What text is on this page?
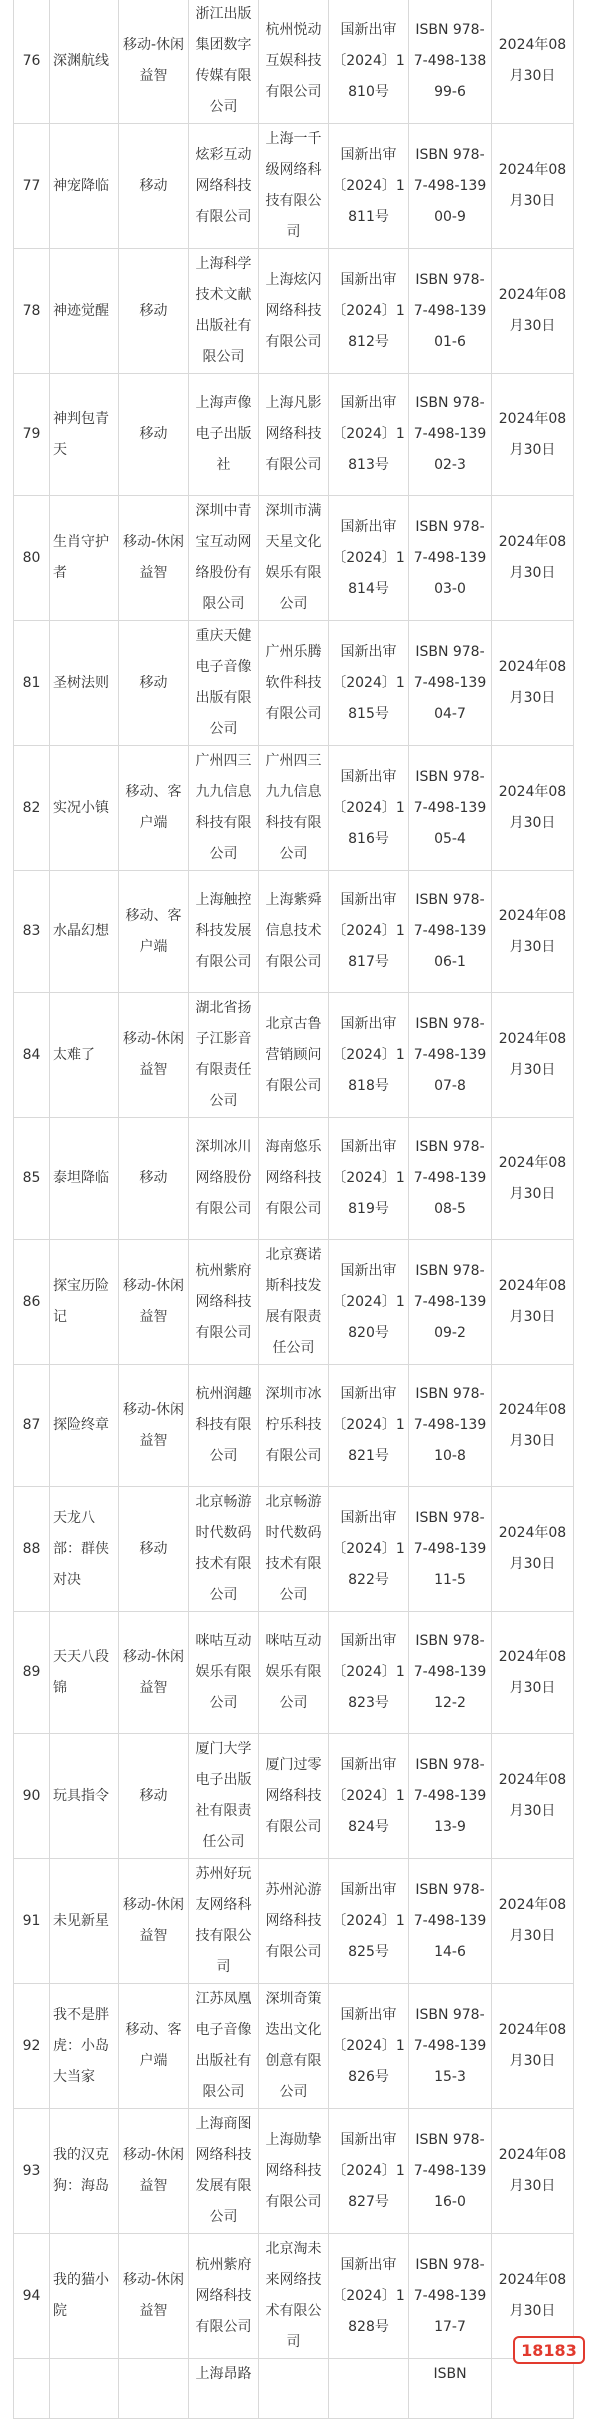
76	深渊航线	移动-休闲益智	浙江出版集团数字传媒有限公司	杭州悦动互娱科技有限公司	国新出审〔2024〕1810号	ISBN 978-7-498-13899-6	2024年08月30日
77	神宠降临	移动	炫彩互动网络科技有限公司	上海一千级网络科技有限公司	国新出审〔2024〕1811号	ISBN 978-7-498-13900-9	2024年08月30日
78	神迹觉醒	移动	上海科学技术文献出版社有限公司	上海炫闪网络科技有限公司	国新出审〔2024〕1812号	ISBN 978-7-498-13901-6	2024年08月30日
79	神判包青天	移动	上海声像电子出版社	上海凡影网络科技有限公司	国新出审〔2024〕1813号	ISBN 978-7-498-13902-3	2024年08月30日
80	生肖守护者	移动-休闲益智	深圳中青宝互动网络股份有限公司	深圳市满天星文化娱乐有限公司	国新出审〔2024〕1814号	ISBN 978-7-498-13903-0	2024年08月30日
81	圣树法则	移动	重庆天健电子音像出版有限公司	广州乐腾软件科技有限公司	国新出审〔2024〕1815号	ISBN 978-7-498-13904-7	2024年08月30日
82	实况小镇	移动、客户端	广州四三九九信息科技有限公司	广州四三九九信息科技有限公司	国新出审〔2024〕1816号	ISBN 978-7-498-13905-4	2024年08月30日
83	水晶幻想	移动、客户端	上海触控科技发展有限公司	上海紫舜信息技术有限公司	国新出审〔2024〕1817号	ISBN 978-7-498-13906-1	2024年08月30日
84	太难了	移动-休闲益智	湖北省扬子江影音有限责任公司	北京古鲁营销顾问有限公司	国新出审〔2024〕1818号	ISBN 978-7-498-13907-8	2024年08月30日
85	泰坦降临	移动	深圳冰川网络股份有限公司	海南悠乐网络科技有限公司	国新出审〔2024〕1819号	ISBN 978-7-498-13908-5	2024年08月30日
86	探宝历险记	移动-休闲益智	杭州紫府网络科技有限公司	北京赛诺斯科技发展有限责任公司	国新出审〔2024〕1820号	ISBN 978-7-498-13909-2	2024年08月30日
87	探险终章	移动-休闲益智	杭州润趣科技有限公司	深圳市冰柠乐科技有限公司	国新出审〔2024〕1821号	ISBN 978-7-498-13910-8	2024年08月30日
88	天龙八部：群侠对决	移动	北京畅游时代数码技术有限公司	北京畅游时代数码技术有限公司	国新出审〔2024〕1822号	ISBN 978-7-498-13911-5	2024年08月30日
89	天天八段锦	移动-休闲益智	咪咕互动娱乐有限公司	咪咕互动娱乐有限公司	国新出审〔2024〕1823号	ISBN 978-7-498-13912-2	2024年08月30日
90	玩具指令	移动	厦门大学电子出版社有限责任公司	厦门过零网络科技有限公司	国新出审〔2024〕1824号	ISBN 978-7-498-13913-9	2024年08月30日
91	未见新星	移动-休闲益智	苏州好玩友网络科技有限公司	苏州沁游网络科技有限公司	国新出审〔2024〕1825号	ISBN 978-7-498-13914-6	2024年08月30日
92	我不是胖虎：小岛大当家	移动、客户端	江苏凤凰电子音像出版社有限公司	深圳奇策迭出文化创意有限公司	国新出审〔2024〕1826号	ISBN 978-7-498-13915-3	2024年08月30日
93	我的汉克狗：海岛	移动-休闲益智	上海商图网络科技发展有限公司	上海勋挚网络科技有限公司	国新出审〔2024〕1827号	ISBN 978-7-498-13916-0	2024年08月30日
94	我的猫小院	移动-休闲益智	杭州紫府网络科技有限公司	北京淘未来网络技术有限公司	国新出审〔2024〕1828号	ISBN 978-7-498-13917-7	2024年08月30日
			上海昂路			ISBN	
18183
